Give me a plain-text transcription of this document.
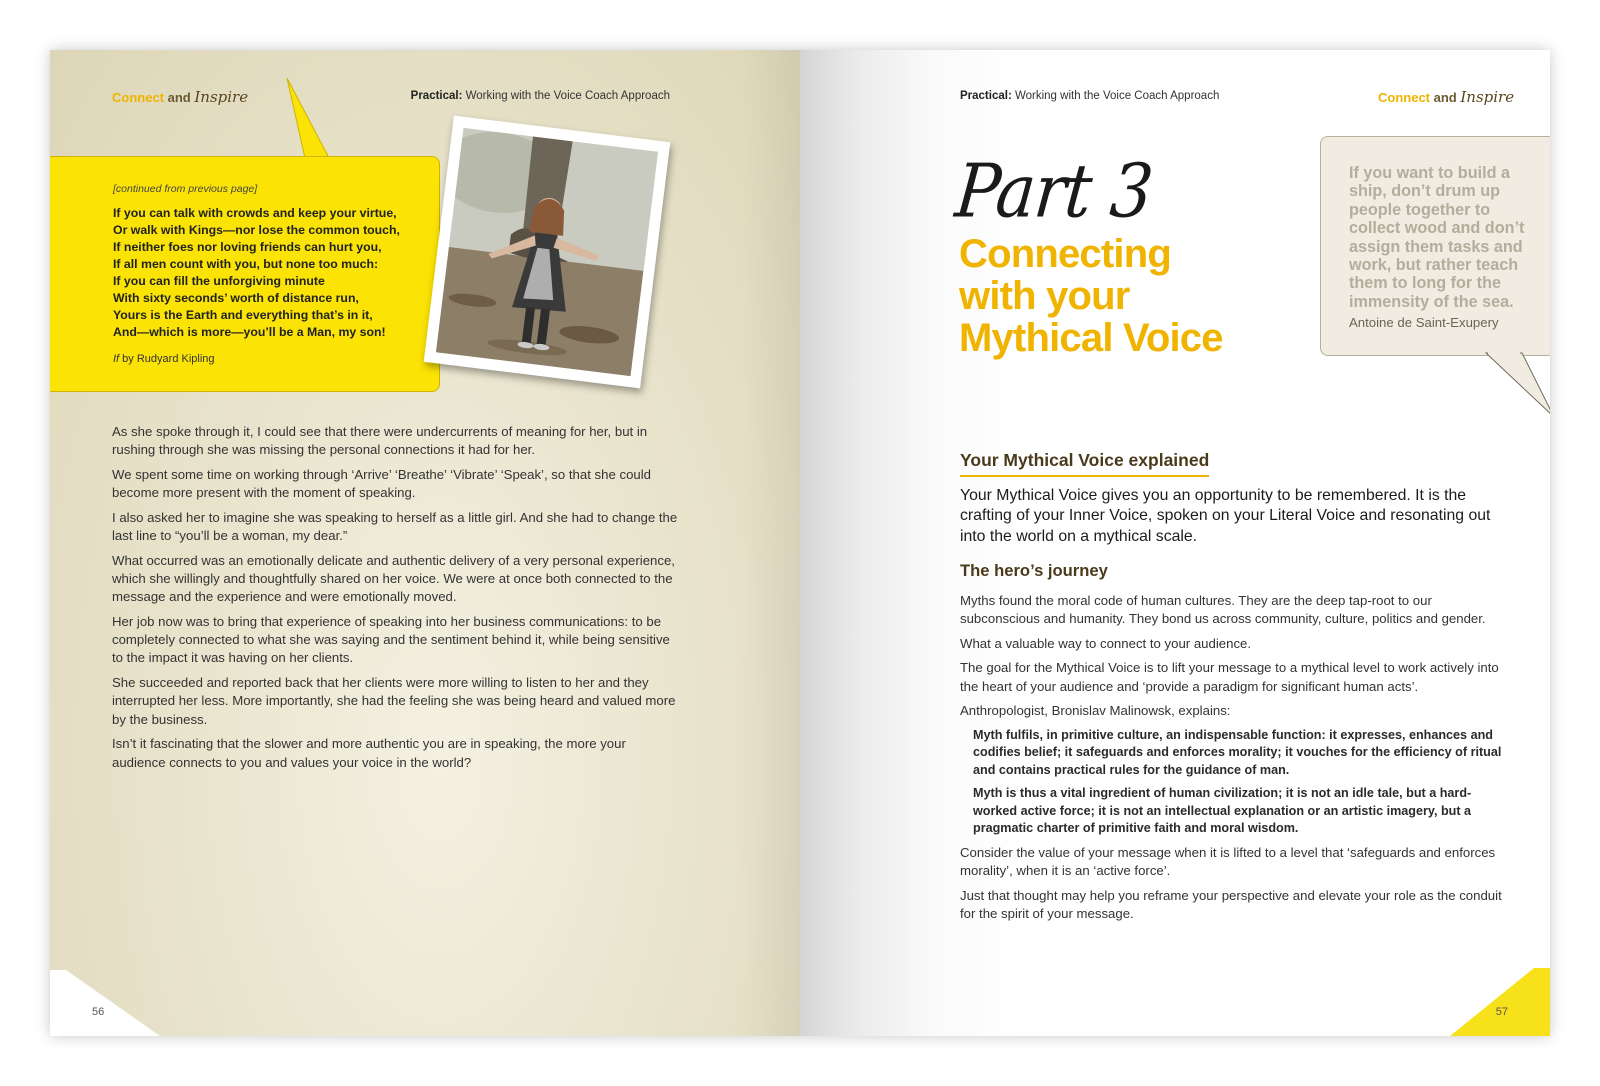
Connect and Inspire	Practical: Working with the Voice Coach Approach
[continued from previous page]
If you can talk with crowds and keep your virtue,
Or walk with Kings—nor lose the common touch,
If neither foes nor loving friends can hurt you,
If all men count with you, but none too much:
If you can fill the unforgiving minute
With sixty seconds’ worth of distance run,
Yours is the Earth and everything that’s in it,
And—which is more—you’ll be a Man, my son!
If by Rudyard Kipling

As she spoke through it, I could see that there were undercurrents of meaning for her, but in rushing through she was missing the personal connections it had for her.

We spent some time on working through ‘Arrive’ ‘Breathe’ ‘Vibrate’ ‘Speak’, so that she could become more present with the moment of speaking.

I also asked her to imagine she was speaking to herself as a little girl. And she had to change the last line to “you’ll be a woman, my dear.”

What occurred was an emotionally delicate and authentic delivery of a very personal experience, which she willingly and thoughtfully shared on her voice. We were at once both connected to the message and the experience and were emotionally moved.

Her job now was to bring that experience of speaking into her business communications: to be completely connected to what she was saying and the sentiment behind it, while being sensitive to the impact it was having on her clients.

She succeeded and reported back that her clients were more willing to listen to her and they interrupted her less. More importantly, she had the feeling she was being heard and valued more by the business.

Isn’t it fascinating that the slower and more authentic you are in speaking, the more your audience connects to you and values your voice in the world?

56
Practical: Working with the Voice Coach Approach	Connect and Inspire
Part 3
Connecting
with your
Mythical Voice
If you want to build a ship, don’t drum up people together to collect wood and don’t assign them tasks and work, but rather teach them to long for the immensity of the sea.
Antoine de Saint-Exupery
Your Mythical Voice explained
Your Mythical Voice gives you an opportunity to be remembered. It is the crafting of your Inner Voice, spoken on your Literal Voice and resonating out into the world on a mythical scale.
The hero’s journey

Myths found the moral code of human cultures. They are the deep tap-root to our subconscious and humanity. They bond us across community, culture, politics and gender.

What a valuable way to connect to your audience.

The goal for the Mythical Voice is to lift your message to a mythical level to work actively into the heart of your audience and ‘provide a paradigm for significant human acts’.

Anthropologist, Bronislav Malinowsk, explains:

Myth fulfils, in primitive culture, an indispensable function: it expresses, enhances and codifies belief; it safeguards and enforces morality; it vouches for the efficiency of ritual and contains practical rules for the guidance of man.

Myth is thus a vital ingredient of human civilization; it is not an idle tale, but a hard-worked active force; it is not an intellectual explanation or an artistic imagery, but a pragmatic charter of primitive faith and moral wisdom.

Consider the value of your message when it is lifted to a level that ‘safeguards and enforces morality’, when it is an ‘active force’.

Just that thought may help you reframe your perspective and elevate your role as the conduit for the spirit of your message.

57
